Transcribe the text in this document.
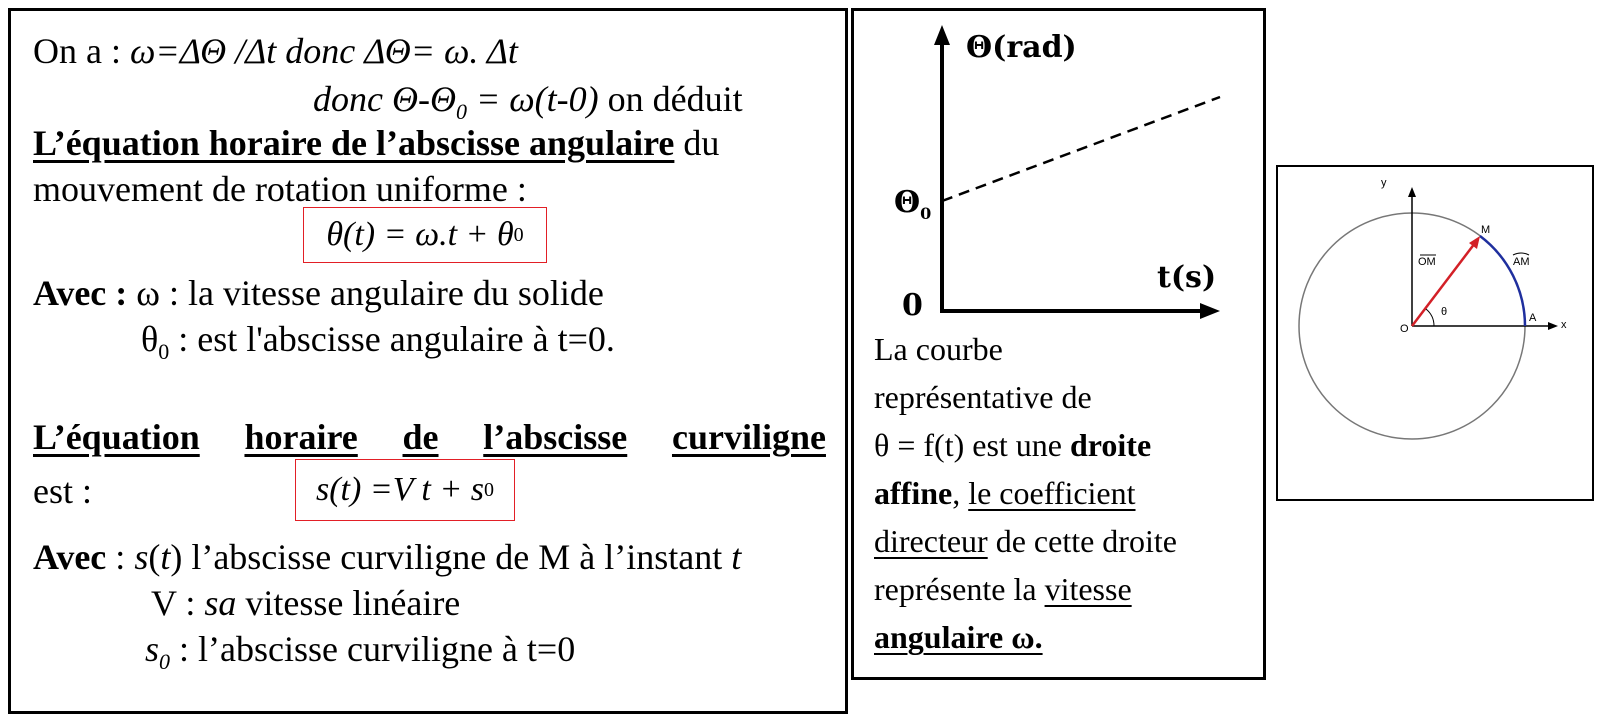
On a : ω=ΔΘ /Δt donc ΔΘ= ω. Δt
donc $\Theta-\Theta_0 = \omega(t-0)$ on déduit
L’équation horaire de l’abscisse angulaire du
mouvement de rotation uniforme :
θ(t) = ω.t + θ 0
Avec : ω : la vitesse angulaire du solide
$\theta_0$ : est l'abscisse angulaire à t=0.
L’équation horaire de l’abscisse curviligne
est :	s(t) =V t + s 0
Avec : s(t) l’abscisse curviligne de M à l’instant t
V : sa vitesse linéaire
$s_0$ : l’abscisse curviligne à t=0
Θ(rad)
t(s)
$\Theta_0$
0
La courbe
représentative de
θ = f(t) est une droite
affine, le coefficient
directeur de cette droite
représente la vitesse
angulaire ω.
y
x
O
A
M
θ
OM	AM
